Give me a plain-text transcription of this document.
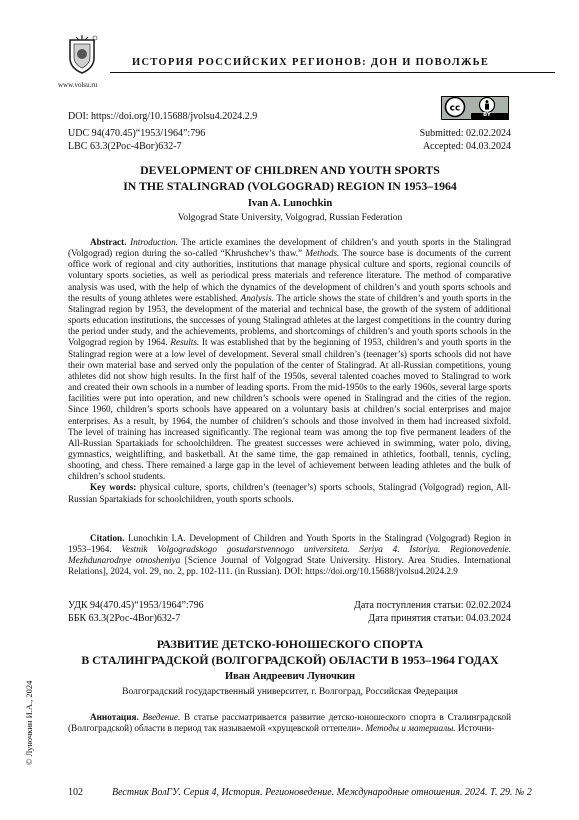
www.volsu.ru
ИСТОРИЯ РОССИЙСКИХ РЕГИОНОВ: ДОН И ПОВОЛЖЬЕ
DOI: https://doi.org/10.15688/jvolsu4.2024.2.9
cc
BY
UDC 94(470.45)“1953/1964”:796
LBC 63.3(2Рос-4Вог)632-7
Submitted: 02.02.2024
Accepted: 04.03.2024
DEVELOPMENT OF CHILDREN AND YOUTH SPORTS
IN THE STALINGRAD (VOLGOGRAD) REGION IN 1953–1964
Ivan A. Lunochkin
Volgograd State University, Volgograd, Russian Federation

Abstract. Introduction. The article examines the development of children’s and youth sports in the Stalingrad (Volgograd) region during the so-called “Khrushchev’s thaw.” Methods. The source base is documents of the current office work of regional and city authorities, institutions that manage physical culture and sports, regional councils of voluntary sports societies, as well as periodical press materials and reference literature. The method of comparative analysis was used, with the help of which the dynamics of the development of children’s and youth sports schools and the results of young athletes were established. Analysis. The article shows the state of children’s and youth sports in the Stalingrad region by 1953, the development of the material and technical base, the growth of the system of additional sports education institutions, the successes of young Stalingrad athletes at the largest competitions in the country during the period under study, and the achievements, problems, and shortcomings of children’s and youth sports schools in the Volgograd region by 1964. Results. It was established that by the beginning of 1953, children’s and youth sports in the Stalingrad region were at a low level of development. Several small children’s (teenager’s) sports schools did not have their own material base and served only the population of the center of Stalingrad. At all-Russian competitions, young athletes did not show high results. In the first half of the 1950s, several talented coaches moved to Stalingrad to work and created their own schools in a number of leading sports. From the mid-1950s to the early 1960s, several large sports facilities were put into operation, and new children’s schools were opened in Stalingrad and the cities of the region. Since 1960, children’s sports schools have appeared on a voluntary basis at children’s social enterprises and major enterprises. As a result, by 1964, the number of children’s schools and those involved in them had increased sixfold. The level of training has increased significantly. The regional team was among the top five permanent leaders of the All-Russian Spartakiads for schoolchildren. The greatest successes were achieved in swimming, water polo, diving, gymnastics, weightlifting, and basketball. At the same time, the gap remained in athletics, football, tennis, cycling, shooting, and chess. There remained a large gap in the level of achievement between leading athletes and the bulk of children’s school students.

Key words: physical culture, sports, children’s (teenager’s) sports schools, Stalingrad (Volgograd) region, All-Russian Spartakiads for schoolchildren, youth sports schools.

Citation. Lunochkin I.A. Development of Children and Youth Sports in the Stalingrad (Volgograd) Region in 1953–1964. Vestnik Volgogradskogo gosudarstvennogo universiteta. Seriya 4. Istoriya. Regionovedenie. Mezhdunarodnye otnosheniya [Science Journal of Volgograd State University. History. Area Studies. International Relations], 2024, vol. 29, no. 2, pp. 102-111. (in Russian). DOI: https://doi.org/10.15688/jvolsu4.2024.2.9

УДК 94(470.45)“1953/1964”:796
ББК 63.3(2Рос-4Вог)632-7
Дата поступления статьи: 02.02.2024
Дата принятия статьи: 04.03.2024
РАЗВИТИЕ ДЕТСКО-ЮНОШЕСКОГО СПОРТА
В СТАЛИНГРАДСКОЙ (ВОЛГОГРАДСКОЙ) ОБЛАСТИ В 1953–1964 ГОДАХ
Иван Андреевич Луночкин
Волгоградский государственный университет, г. Волгоград, Российская Федерация

Аннотация. Введение. В статье рассматривается развитие детско-юношеского спорта в Сталинградской (Волгоградской) области в период так называемой «хрущевской оттепели». Методы и материалы. Источни-

© Луночкин И.А., 2024
102	Вестник ВолГУ. Серия 4, История. Регионоведение. Международные отношения. 2024. Т. 29. № 2
